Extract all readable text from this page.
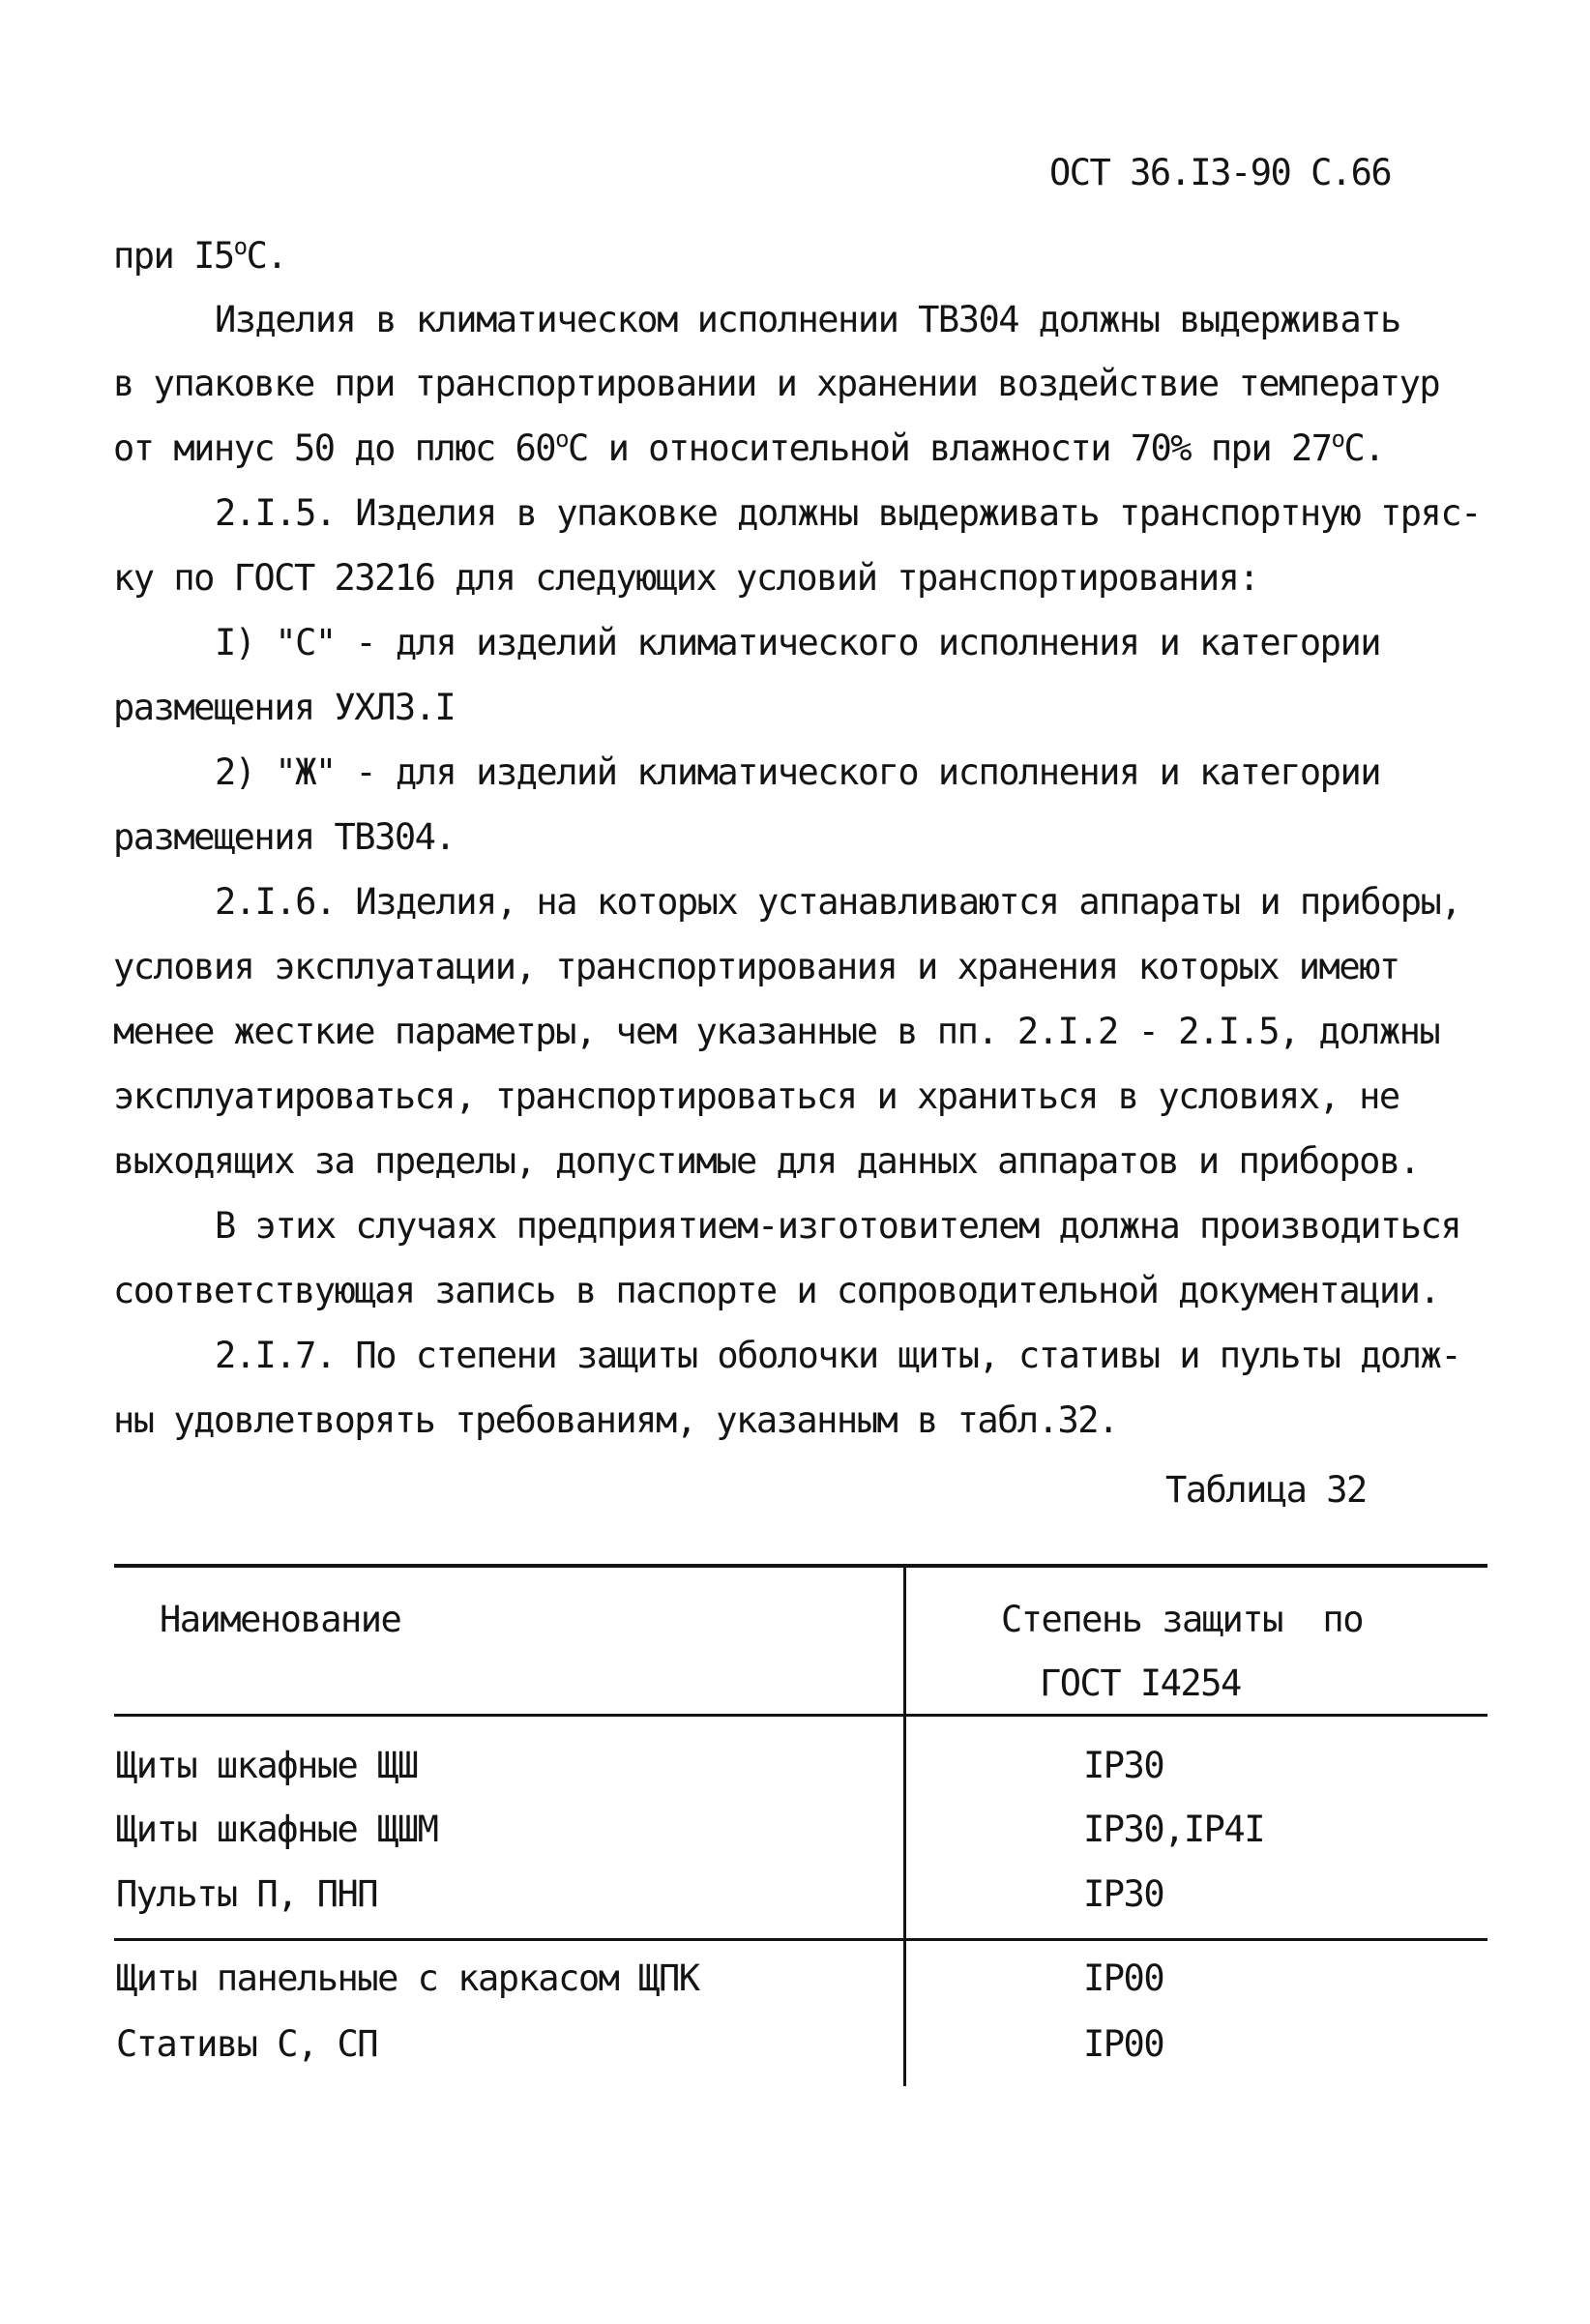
ОСТ 36.I3-90 С.66
при I5$^o$С.
Изделия в климатическом исполнении ТВ304 должны выдерживать
в упаковке при транспортировании и хранении воздействие температур
от минус 50 до плюс 60$^o$С и относительной влажности 70% при 27$^o$С.
2.I.5. Изделия в упаковке должны выдерживать транспортную тряс-
ку по ГОСТ 23216 для следующих условий транспортирования:
I) "С" - для изделий климатического исполнения и категории
размещения УХЛ3.I
2) "Ж" - для изделий климатического исполнения и категории
размещения ТВ304.
2.I.6. Изделия, на которых устанавливаются аппараты и приборы,
условия эксплуатации, транспортирования и хранения которых имеют
менее жесткие параметры, чем указанные в пп. 2.I.2 - 2.I.5, должны
эксплуатироваться, транспортироваться и храниться в условиях, не
выходящих за пределы, допустимые для данных аппаратов и приборов.
В этих случаях предприятием-изготовителем должна производиться
соответствующая запись в паспорте и сопроводительной документации.
2.I.7. По степени защиты оболочки щиты, стативы и пульты долж-
ны удовлетворять требованиям, указанным в табл.32.
Таблица 32
Наименование	Степень защиты  по
ГОСТ I4254
Щиты шкафные ЩШ	IP30
Щиты шкафные ЩШМ	IP30,IP4I
Пульты П, ПНП	IP30
Щиты панельные с каркасом ЩПК	IP00
Стативы С, СП	IP00
